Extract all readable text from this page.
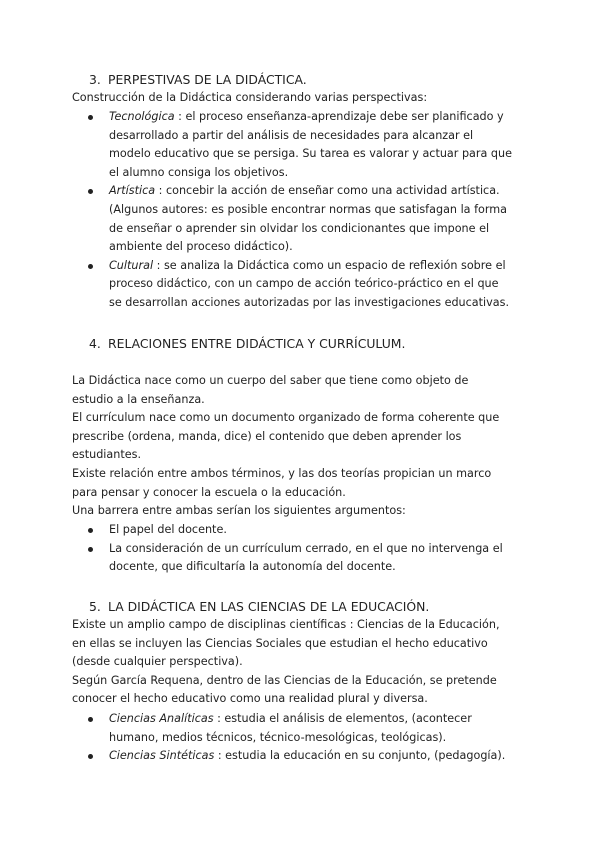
3. PERPESTIVAS DE LA DIDÁCTICA.

Construcción de la Didáctica considerando varias perspectivas:

Tecnológica : el proceso enseñanza-aprendizaje debe ser planificado y
desarrollado a partir del análisis de necesidades para alcanzar el
modelo educativo que se persiga. Su tarea es valorar y actuar para que
el alumno consiga los objetivos.
Artística : concebir la acción de enseñar como una actividad artística.
(Algunos autores: es posible encontrar normas que satisfagan la forma
de enseñar o aprender sin olvidar los condicionantes que impone el
ambiente del proceso didáctico).
Cultural : se analiza la Didáctica como un espacio de reflexión sobre el
proceso didáctico, con un campo de acción teórico-práctico en el que
se desarrollan acciones autorizadas por las investigaciones educativas.
4. RELACIONES ENTRE DIDÁCTICA Y CURRÍCULUM.

La Didáctica nace como un cuerpo del saber que tiene como objeto de
estudio a la enseñanza.
El currículum nace como un documento organizado de forma coherente que
prescribe (ordena, manda, dice) el contenido que deben aprender los
estudiantes.
Existe relación entre ambos términos, y las dos teorías propician un marco
para pensar y conocer la escuela o la educación.
Una barrera entre ambas serían los siguientes argumentos:

El papel del docente.
La consideración de un currículum cerrado, en el que no intervenga el
docente, que dificultaría la autonomía del docente.
5. LA DIDÁCTICA EN LAS CIENCIAS DE LA EDUCACIÓN.

Existe un amplio campo de disciplinas científicas : Ciencias de la Educación,
en ellas se incluyen las Ciencias Sociales que estudian el hecho educativo
(desde cualquier perspectiva).
Según García Requena, dentro de las Ciencias de la Educación, se pretende
conocer el hecho educativo como una realidad plural y diversa.

Ciencias Analíticas : estudia el análisis de elementos, (acontecer
humano, medios técnicos, técnico-mesológicas, teológicas).
Ciencias Sintéticas : estudia la educación en su conjunto, (pedagogía).
